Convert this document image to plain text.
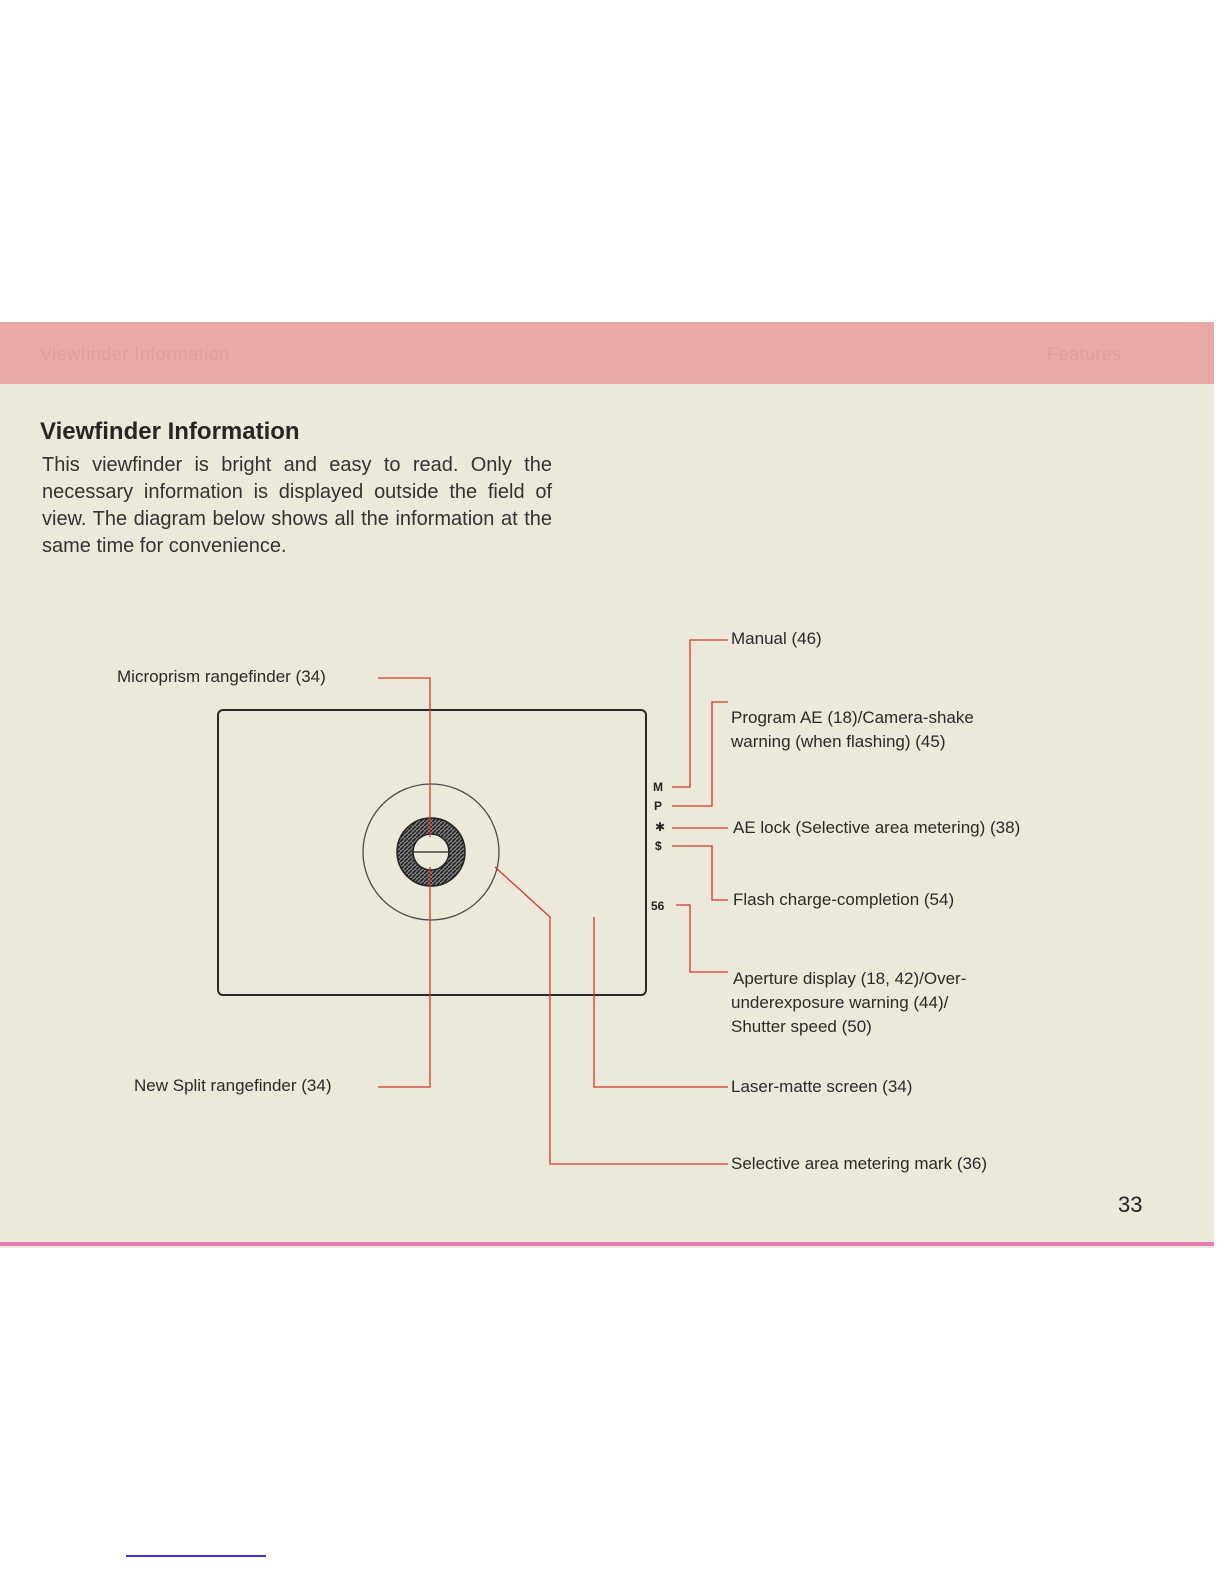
Viewfinder Information	Features
Viewfinder Information

This viewfinder is bright and easy to read. Only the necessary information is displayed outside the field of view. The diagram below shows all the information at the same time for convenience.

M
P
✱
$
56
Microprism rangefinder (34)
New Split rangefinder (34)
Manual (46)
Program AE (18)/Camera-shake
warning (when flashing) (45)
AE lock (Selective area metering) (38)
Flash charge-completion (54)
Aperture display (18, 42)/Over-
underexposure warning (44)/
Shutter speed (50)
Laser-matte screen (34)
Selective area metering mark (36)
33
